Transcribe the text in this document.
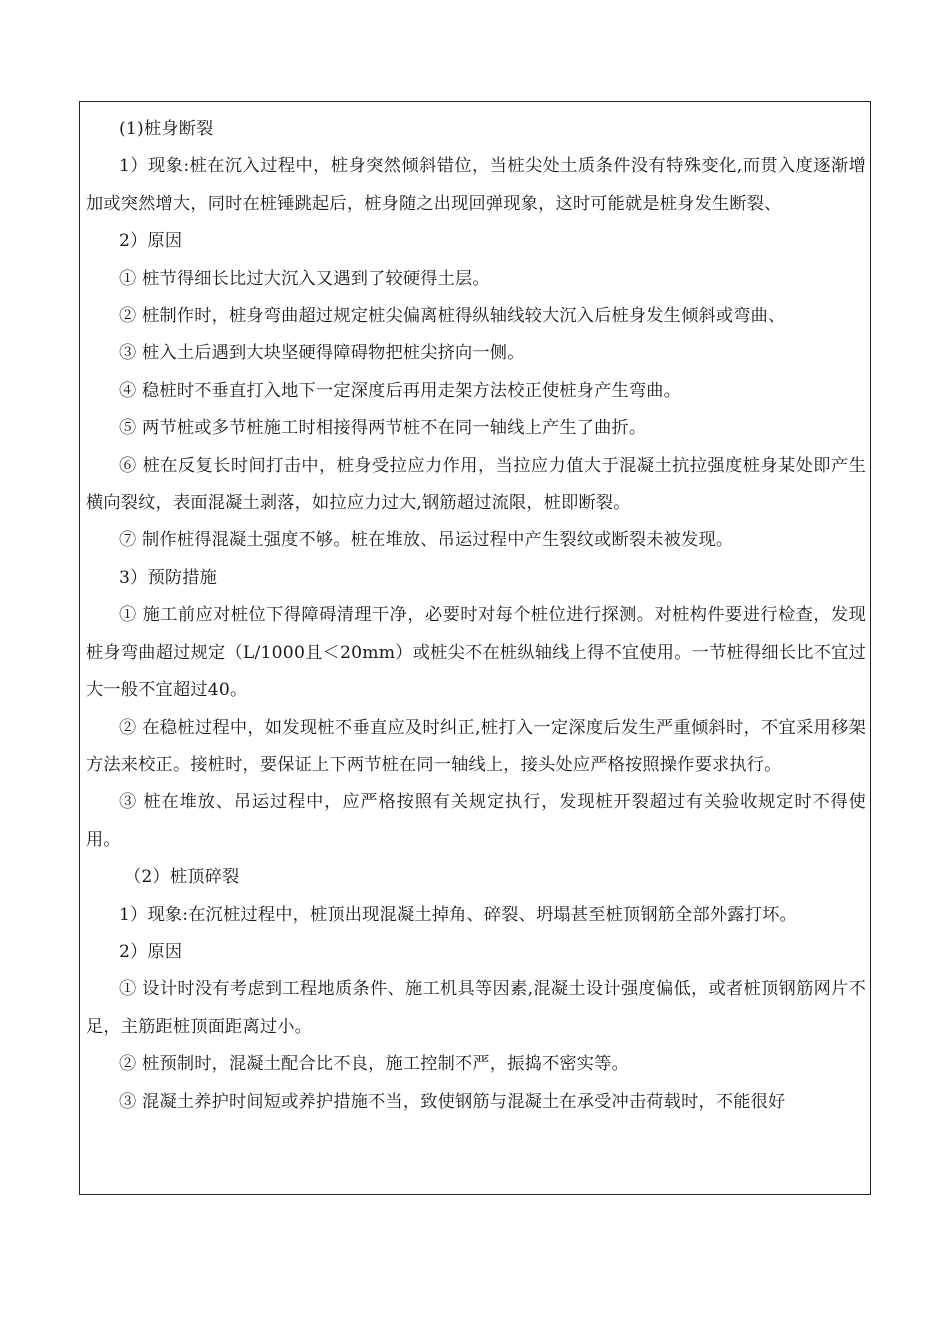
(1)桩身断裂

1）现象:桩在沉入过程中，桩身突然倾斜错位，当桩尖处土质条件没有特殊变化,而贯入度逐渐增加或突然增大，同时在桩锤跳起后，桩身随之出现回弹现象，这时可能就是桩身发生断裂、

2）原因

① 桩节得细长比过大沉入又遇到了较硬得土层。

② 桩制作时，桩身弯曲超过规定桩尖偏离桩得纵轴线较大沉入后桩身发生倾斜或弯曲、

③ 桩入土后遇到大块坚硬得障碍物把桩尖挤向一侧。

④ 稳桩时不垂直打入地下一定深度后再用走架方法校正使桩身产生弯曲。

⑤ 两节桩或多节桩施工时相接得两节桩不在同一轴线上产生了曲折。

⑥ 桩在反复长时间打击中，桩身受拉应力作用，当拉应力值大于混凝土抗拉强度桩身某处即产生横向裂纹，表面混凝土剥落，如拉应力过大,钢筋超过流限，桩即断裂。

⑦ 制作桩得混凝土强度不够。桩在堆放、吊运过程中产生裂纹或断裂未被发现。

3）预防措施

① 施工前应对桩位下得障碍清理干净，必要时对每个桩位进行探测。对桩构件要进行检查，发现桩身弯曲超过规定（L/1000且＜20mm）或桩尖不在桩纵轴线上得不宜使用。一节桩得细长比不宜过大一般不宜超过40。

② 在稳桩过程中，如发现桩不垂直应及时纠正,桩打入一定深度后发生严重倾斜时，不宜采用移架方法来校正。接桩时，要保证上下两节桩在同一轴线上，接头处应严格按照操作要求执行。

③ 桩在堆放、吊运过程中，应严格按照有关规定执行，发现桩开裂超过有关验收规定时不得使用。

（2）桩顶碎裂

1）现象:在沉桩过程中，桩顶出现混凝土掉角、碎裂、坍塌甚至桩顶钢筋全部外露打坏。

2）原因

① 设计时没有考虑到工程地质条件、施工机具等因素,混凝土设计强度偏低，或者桩顶钢筋网片不足，主筋距桩顶面距离过小。

② 桩预制时，混凝土配合比不良，施工控制不严，振捣不密实等。

③ 混凝土养护时间短或养护措施不当，致使钢筋与混凝土在承受冲击荷载时，不能很好
